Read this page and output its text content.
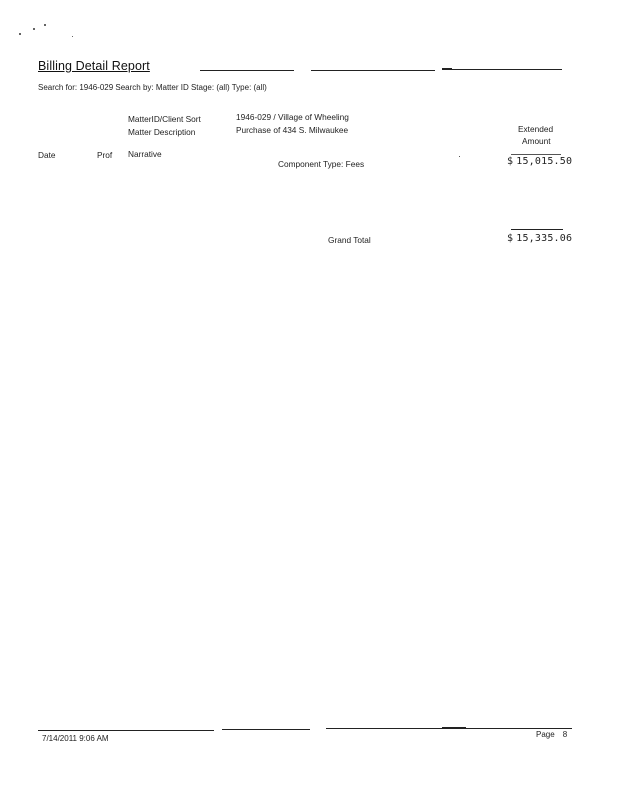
Billing Detail Report
Search for: 1946-029 Search by: Matter ID Stage: (all) Type: (all)
MatterID/Client Sort	1946-029 / Village of Wheeling
Matter Description	Purchase of 434 S. Milwaukee	Extended
Amount
Date	Prof Narrative
Component Type: Fees	$ 15,015.50
Grand Total	$ 15,335.06
7/14/2011 9:06 AM	Page 8
